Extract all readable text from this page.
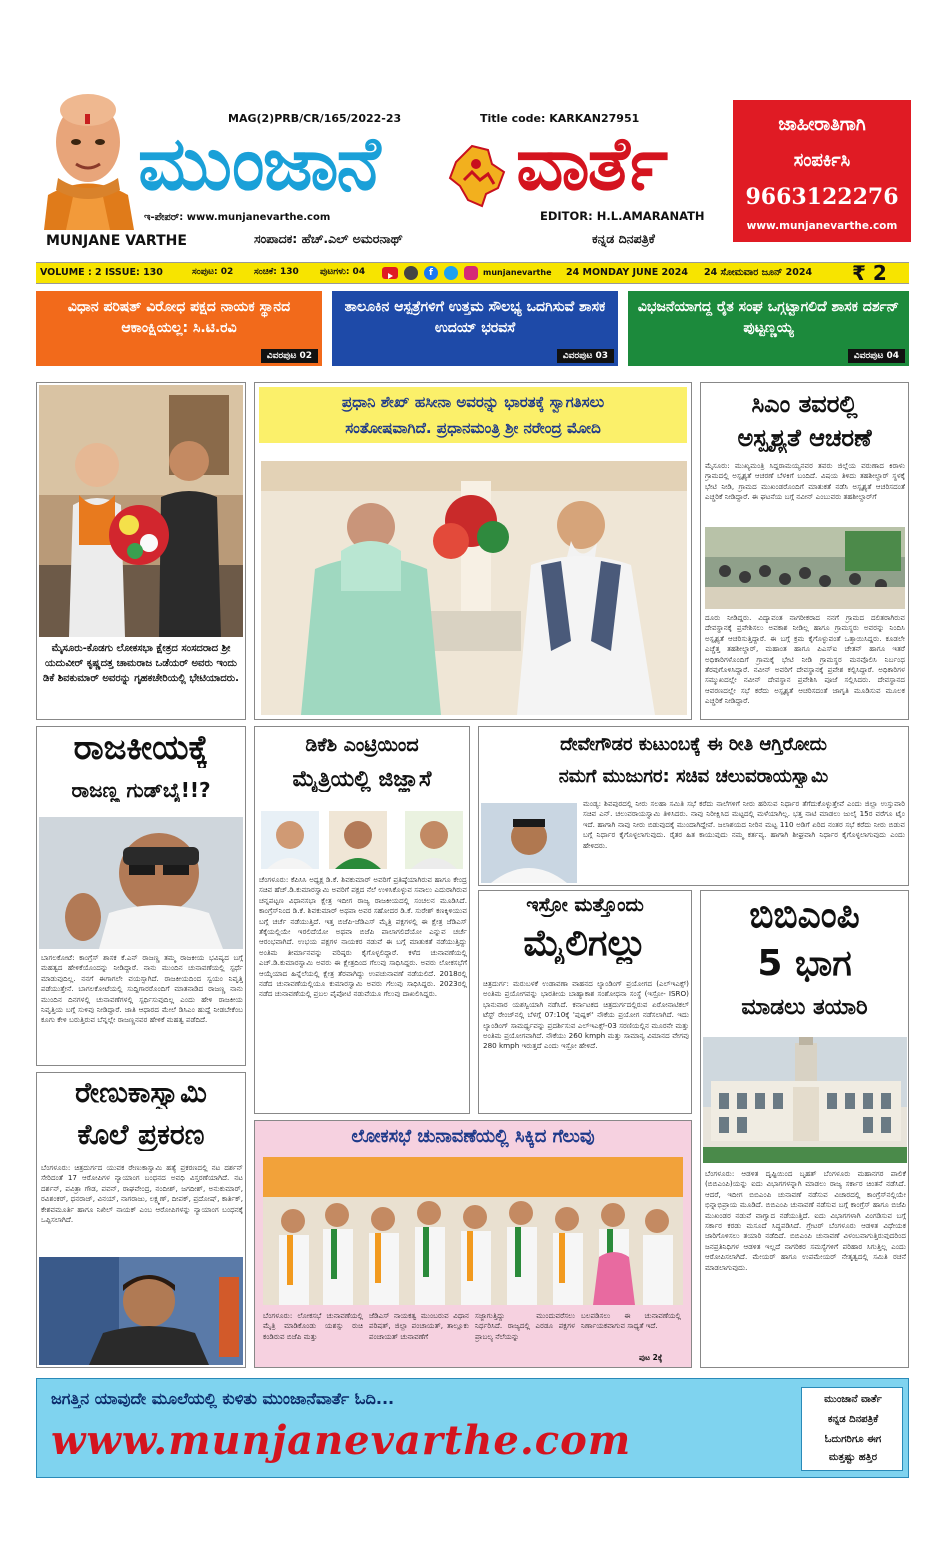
MAG(2)PRB/CR/165/2022-23	Title code: KARKAN27951
ಮುಂಜಾನೆ ವಾರ್ತೆ
ಇ-ಪೇಪರ್: www.munjanevarthe.com	EDITOR: H.L.AMARANATH
MUNJANE VARTHE	ಸಂಪಾದಕ: ಹೆಚ್.ಎಲ್ ಅಮರನಾಥ್	ಕನ್ನಡ ದಿನಪತ್ರಿಕೆ
ಜಾಹೀರಾತಿಗಾಗಿ
ಸಂಪರ್ಕಿಸಿ
9663122276
www.munjanevarthe.com
VOLUME : 2 ISSUE: 130	ಸಂಪುಟ: 02 ಸಂಚಿಕೆ: 130 ಪುಟಗಳು: 04	f	munjanevarthe 24 MONDAY JUNE 2024 24 ಸೋಮವಾರ ಜೂನ್ 2024 ₹ 2
ವಿಧಾನ ಪರಿಷತ್ ವಿರೋಧ ಪಕ್ಷದ ನಾಯಕ ಸ್ಥಾನದ ಆಕಾಂಕ್ಷಿಯಲ್ಲ: ಸಿ.ಟಿ.ರವಿ
ವಿವರಪುಟ 02
ತಾಲೂಕಿನ ಆಸ್ಪತ್ರೆಗಳಿಗೆ ಉತ್ತಮ ಸೌಲಭ್ಯ ಒದಗಿಸುವೆ ಶಾಸಕ ಉದಯ್ ಭರವಸೆ
ವಿವರಪುಟ 03
ವಿಭಜನೆಯಾಗದ್ದ ರೈತ ಸಂಘ ಒಗ್ಗಟ್ಟಾಗಲಿದೆ ಶಾಸಕ ದರ್ಶನ್ ಪುಟ್ಟಣ್ಣಯ್ಯ
ವಿವರಪುಟ 04
ಮೈಸೂರು-ಕೊಡಗು ಲೋಕಸಭಾ ಕ್ಷೇತ್ರದ ಸಂಸದರಾದ ಶ್ರೀ ಯದುವೀರ್ ಕೃಷ್ಣದತ್ತ ಚಾಮರಾಜ ಒಡೆಯರ್ ಅವರು ಇಂದು ಡಿಕೆ ಶಿವಕುಮಾರ್ ಅವರನ್ನು ಗೃಹಕಚೇರಿಯಲ್ಲಿ ಭೇಟಿಯಾದರು.
ಪ್ರಧಾನಿ ಶೇಖ್ ಹಸೀನಾ ಅವರನ್ನು ಭಾರತಕ್ಕೆ ಸ್ವಾಗತಿಸಲು
ಸಂತೋಷವಾಗಿದೆ. ಪ್ರಧಾನಮಂತ್ರಿ ಶ್ರೀ ನರೇಂದ್ರ ಮೋದಿ
ಸಿಎಂ ತವರಲ್ಲಿ
ಅಸ್ಪೃಶ್ಯತೆ ಆಚರಣೆ
ಮೈಸೂರು: ಮುಖ್ಯಮಂತ್ರಿ ಸಿದ್ದರಾಮಯ್ಯನವರ ತವರು ಜಿಲ್ಲೆಯ ವರುಣಾದ ಕಿರಾಳು ಗ್ರಾಮದಲ್ಲಿ ಅಸ್ಪೃಶ್ಯತೆ ಆಚರಣೆ ಬೆಳಕಿಗೆ ಬಂದಿದೆ. ವಿಷಯ ತಿಳಿದು ತಹಶೀಲ್ದಾರ್ ಸ್ಥಳಕ್ಕೆ ಭೇಟಿ ನೀಡಿ, ಗ್ರಾಮದ ಮುಖಂಡರೊಂದಿಗೆ ಮಾತುಕತೆ ನಡೆಸಿ ಅಸ್ಪೃಶ್ಯತೆ ಆಚರಿಸದಂತೆ ಎಚ್ಚರಿಕೆ ನೀಡಿದ್ದಾರೆ. ಈ ಘಟನೆಯ ಬಗ್ಗೆ ನವೀನ್ ಎಂಬುವರು ತಹಶೀಲ್ದಾರ್‌ಗೆ
ದೂರು ನೀಡಿದ್ದರು. ವಿದ್ಯಾವಂತ ನಾಗರೀಕರಾದ ನನಗೆ ಗ್ರಾಮದ ದಲಿತರಾಗಿರುವ ದೇವಸ್ಥಾನಕ್ಕೆ ಪ್ರವೇಶಿಸಲು ಅವಕಾಶ ನೀಡಿಲ್ಲ ಹಾಗೂ ಗ್ರಾಮಸ್ಥರು ಅವರನ್ನು ನಿಂದಿಸಿ ಅಸ್ಪೃಶ್ಯತೆ ಆಚರಿಸುತ್ತಿದ್ದಾರೆ. ಈ ಬಗ್ಗೆ ಕ್ರಮ ಕೈಗೊಳ್ಳುವಂತೆ ಒತ್ತಾಯಿಸಿದ್ದರು. ಕೂಡಲೇ ಎಚ್ಚೆತ್ತ ತಹಶೀಲ್ದಾರ್, ಮಹಾಂತ ಹಾಗೂ ಪಿಎಸ್ಐ ಚೇತನ್ ಹಾಗೂ ಇತರೆ ಅಧಿಕಾರಿಗಳೊಂದಿಗೆ ಗ್ರಾಮಕ್ಕೆ ಭೇಟಿ ನೀಡಿ ಗ್ರಾಮಸ್ಥರ ಮನವೊಲಿಸಿ ನಿರ್ಬಂಧ ತೆರವುಗೊಳಿಸಿದ್ದಾರೆ. ನವೀನ್ ಅವರಿಗೆ ದೇವಸ್ಥಾನಕ್ಕೆ ಪ್ರವೇಶ ಕಲ್ಪಿಸಿದ್ದಾರೆ. ಅಧಿಕಾರಿಗಳ ಸಮ್ಮುಖದಲ್ಲೇ ನವೀನ್ ದೇವಸ್ಥಾನ ಪ್ರವೇಶಿಸಿ ಪೂಜೆ ಸಲ್ಲಿಸಿದರು. ದೇವಸ್ಥಾನದ ಆವರಣದಲ್ಲೇ ಸಭೆ ಕರೆದು ಅಸ್ಪೃಶ್ಯತೆ ಆಚರಿಸದಂತೆ ಜಾಗೃತಿ ಮೂಡಿಸುವ ಮೂಲಕ ಎಚ್ಚರಿಕೆ ನೀಡಿದ್ದಾರೆ.
ರಾಜಕೀಯಕ್ಕೆ
ರಾಜಣ್ಣ ಗುಡ್‌ಬೈ!!?
ಬಾಗಲಕೋಟೆ: ಕಾಂಗ್ರೆಸ್ ಶಾಸಕ ಕೆ.ಎನ್ ರಾಜಣ್ಣ ತಮ್ಮ ರಾಜಕೀಯ ಭವಿಷ್ಯದ ಬಗ್ಗೆ ಮಹತ್ವದ ಹೇಳಿಕೆಯೊಂದನ್ನು ನೀಡಿದ್ದಾರೆ. ನಾನು ಮುಂದಿನ ಚುನಾವಣೆಯಲ್ಲಿ ಸ್ಪರ್ಧೆ ಮಾಡುವುದಿಲ್ಲ. ನನಗೆ ಈಗಾಗಲೇ ವಯಸ್ಸಾಗಿದೆ. ರಾಜಕೀಯದಿಂದ ಸ್ವಯಂ ನಿವೃತ್ತಿ ಪಡೆಯುತ್ತೇನೆ. ಬಾಗಲಕೋಟೆಯಲ್ಲಿ ಸುದ್ದಿಗಾರರೊಂದಿಗೆ ಮಾತನಾಡಿದ ರಾಜಣ್ಣ ನಾನು ಮುಂದಿನ ದಿನಗಳಲ್ಲಿ ಚುನಾವಣೆಗಳಲ್ಲಿ ಸ್ಪರ್ಧಿಸುವುದಿಲ್ಲ ಎಂದು ಹೇಳಿ ರಾಜಕೀಯ ನಿವೃತ್ತಿಯ ಬಗ್ಗೆ ಸುಳಿವು ನೀಡಿದ್ದಾರೆ. ಜಾತಿ ಆಧಾರದ ಮೇಲೆ ಡಿಸಿಎಂ ಹುದ್ದೆ ನೀಡಬೇಕೆಂಬ ಕೂಗು ಕೇಳಿ ಬರುತ್ತಿರುವ ಬೆನ್ನಲ್ಲೇ ರಾಜಣ್ಣನವರ ಹೇಳಿಕೆ ಮಹತ್ವ ಪಡೆದಿದೆ.
ಡಿಕೆಶಿ ಎಂಟ್ರಿಯಿಂದ
ಮೈತ್ರಿಯಲ್ಲಿ ಜಿಜ್ಞಾಸೆ
ಚೆಂಗಳೂರು: ಕೆಪಿಸಿಸಿ ಅಧ್ಯಕ್ಷ ಡಿ.ಕೆ. ಶಿವಕುಮಾರ್ ಅವರಿಗೆ ಪ್ರತಿಷ್ಠೆಯಾಗಿರುವ ಹಾಗೂ ಕೇಂದ್ರ ಸಚಿವ ಹೆಚ್.ಡಿ.ಕುಮಾರಸ್ವಾಮಿ ಅವರಿಗೆ ಪಕ್ಷದ ನೆಲೆ ಉಳಿಸಿಕೊಳ್ಳುವ ಸವಾಲು ಎದುರಾಗಿರುವ ಚನ್ನಪಟ್ಟಣ ವಿಧಾನಸಭಾ ಕ್ಷೇತ್ರ ಇದೀಗ ರಾಜ್ಯ ರಾಜಕೀಯದಲ್ಲಿ ಸಂಚಲನ ಮೂಡಿಸಿದೆ. ಕಾಂಗ್ರೆಸ್‌ನಿಂದ ಡಿ.ಕೆ. ಶಿವಕುಮಾರ್ ಅಥವಾ ಅವರ ಸಹೋದರ ಡಿ.ಕೆ. ಸುರೇಶ್ ಕಣಕ್ಕಿಳಿಯುವ ಬಗ್ಗೆ ಚರ್ಚೆ ನಡೆಯುತ್ತಿದೆ. ಇತ್ತ ಬಿಜೆಪಿ-ಜೆಡಿಎಸ್ ಮೈತ್ರಿ ಪಕ್ಷಗಳಲ್ಲಿ ಈ ಕ್ಷೇತ್ರ ಜೆಡಿಎಸ್ ತೆಕ್ಕೆಯಲ್ಲಿಯೇ ಇರಲಿದೆಯೋ ಅಥವಾ ಬಿಜೆಪಿ ಪಾಲಾಗಲಿದೆಯೋ ಎನ್ನುವ ಚರ್ಚೆ ಆರಂಭವಾಗಿದೆ. ಉಭಯ ಪಕ್ಷಗಳ ನಾಯಕರ ನಡುವೆ ಈ ಬಗ್ಗೆ ಮಾತುಕತೆ ನಡೆಯುತ್ತಿದ್ದು ಅಂತಿಮ ತೀರ್ಮಾನವನ್ನು ವರಿಷ್ಠರು ಕೈಗೊಳ್ಳಲಿದ್ದಾರೆ. ಕಳೆದ ಚುನಾವಣೆಯಲ್ಲಿ ಎಚ್.ಡಿ.ಕುಮಾರಸ್ವಾಮಿ ಅವರು ಈ ಕ್ಷೇತ್ರದಿಂದ ಗೆಲುವು ಸಾಧಿಸಿದ್ದರು. ಅವರು ಲೋಕಸಭೆಗೆ ಆಯ್ಕೆಯಾದ ಹಿನ್ನೆಲೆಯಲ್ಲಿ ಕ್ಷೇತ್ರ ತೆರವಾಗಿದ್ದು ಉಪಚುನಾವಣೆ ನಡೆಯಲಿದೆ. 2018ರಲ್ಲಿ ನಡೆದ ಚುನಾವಣೆಯಲ್ಲಿಯೂ ಕುಮಾರಸ್ವಾಮಿ ಅವರು ಗೆಲುವು ಸಾಧಿಸಿದ್ದರು. 2023ರಲ್ಲಿ ನಡೆದ ಚುನಾವಣೆಯಲ್ಲಿ ಪ್ರಬಲ ಪೈಪೋಟಿ ನಡುವೆಯೂ ಗೆಲುವು ದಾಖಲಿಸಿದ್ದರು.
ದೇವೇಗೌಡರ ಕುಟುಂಬಕ್ಕೆ ಈ ರೀತಿ ಆಗ್ತಿರೋದು
ನಮಗೆ ಮುಜುಗರ: ಸಚಿವ ಚಲುವರಾಯಸ್ವಾಮಿ
ಮಂಡ್ಯ: ಶಿವಪುರದಲ್ಲಿ ನೀರು ಸಲಹಾ ಸಮಿತಿ ಸಭೆ ಕರೆದು ನಾಲೆಗಳಿಗೆ ನೀರು ಹರಿಸುವ ನಿರ್ಧಾರ ತೆಗೆದುಕೊಳ್ಳುತ್ತೇವೆ ಎಂದು ಜಿಲ್ಲಾ ಉಸ್ತುವಾರಿ ಸಚಿವ ಎನ್. ಚಲುವರಾಯಸ್ವಾಮಿ ತಿಳಿಸಿದರು. ನಾವು ನಿರೀಕ್ಷಿಸಿದ ಮಟ್ಟದಲ್ಲಿ ಮಳೆಯಾಗಿಲ್ಲ. ಭತ್ತ ನಾಟಿ ಮಾಡಲು ಜುಲೈ 15ರ ವರೆಗೂ ಟೈಂ ಇದೆ. ಹಾಗಾಗಿ ನಾವು ನೀರು ಬಿಡುವುದಕ್ಕೆ ಮುಂದಾಗಿದ್ದೇವೆ. ಜಲಾಶಯದ ನೀರಿನ ಮಟ್ಟ 110 ಅಡಿಗೆ ಏರಿದ ನಂತರ ಸಭೆ ಕರೆದು ನೀರು ಬಿಡುವ ಬಗ್ಗೆ ನಿರ್ಧಾರ ಕೈಗೊಳ್ಳಲಾಗುವುದು. ರೈತರ ಹಿತ ಕಾಯುವುದು ನಮ್ಮ ಕರ್ತವ್ಯ. ಹಾಗಾಗಿ ಶೀಘ್ರವಾಗಿ ನಿರ್ಧಾರ ಕೈಗೊಳ್ಳಲಾಗುವುದು ಎಂದು ಹೇಳಿದರು.
ಇಸ್ರೋ ಮತ್ತೊಂದು
ಮೈಲಿಗಲ್ಲು
ಚಿತ್ರದುರ್ಗ: ಮರುಬಳಕೆ ಉಡಾವಣಾ ವಾಹನದ ಲ್ಯಾಂಡಿಂಗ್ ಪ್ರಯೋಗದ (ಎಲ್‌ಇಎಕ್ಸ್) ಅಂತಿಮ ಪ್ರಯೋಗವನ್ನು ಭಾರತೀಯ ಬಾಹ್ಯಾಕಾಶ ಸಂಶೋಧನಾ ಸಂಸ್ಥೆ (ಇಸ್ರೋ- ISRO) ಭಾನುವಾರ ಯಶಸ್ವಿಯಾಗಿ ನಡೆಸಿದೆ. ಕರ್ನಾಟಕದ ಚಿತ್ರದುರ್ಗದಲ್ಲಿರುವ ಏರೋನಾಟಿಕಲ್ ಟೆಸ್ಟ್ ರೇಂಜ್‌ನಲ್ಲಿ ಬೆಳಗ್ಗೆ 07:10ಕ್ಕೆ 'ಪುಷ್ಪಕ್' ನೌಕೆಯ ಪ್ರಯೋಗ ನಡೆಸಲಾಗಿದೆ. ಇದು ಲ್ಯಾಂಡಿಂಗ್ ಸಾಮರ್ಥ್ಯವನ್ನು ಪ್ರದರ್ಶಿಸುವ ಎಲ್‌ಇಎಕ್ಸ್-03 ಸರಣಿಯಲ್ಲಿನ ಮೂರನೇ ಮತ್ತು ಅಂತಿಮ ಪ್ರಯೋಗವಾಗಿದೆ. ನೌಕೆಯು 260 kmph ಮತ್ತು ಸಾಮಾನ್ಯ ವಿಮಾನದ ವೇಗವು 280 kmph ಇರುತ್ತದೆ ಎಂದು ಇಸ್ರೋ ಹೇಳಿದೆ.
ಬಿಬಿಎಂಪಿ
5 ಭಾಗ
ಮಾಡಲು ತಯಾರಿ
ಬೆಂಗಳೂರು: ಆಡಳಿತ ದೃಷ್ಟಿಯಿಂದ ಬೃಹತ್ ಬೆಂಗಳೂರು ಮಹಾನಗರ ಪಾಲಿಕೆ (ಬಿಬಿಎಂಪಿ)ಯನ್ನು ಐದು ವಿಭಾಗಗಳನ್ನಾಗಿ ಮಾಡಲು ರಾಜ್ಯ ಸರ್ಕಾರ ಚಿಂತನೆ ನಡೆಸಿದೆ. ಆದರೆ, ಇದೀಗ ಬಿಬಿಎಂಪಿ ಚುನಾವಣೆ ನಡೆಸುವ ವಿಚಾರದಲ್ಲಿ ಕಾಂಗ್ರೆಸ್‌ನಲ್ಲಿಯೇ ಭಿನ್ನಾಭಿಪ್ರಾಯ ಮೂಡಿದೆ. ಬಿಬಿಎಂಪಿ ಚುನಾವಣೆ ನಡೆಸುವ ಬಗ್ಗೆ ಕಾಂಗ್ರೆಸ್ ಹಾಗೂ ಬಿಜೆಪಿ ಮುಖಂಡರ ನಡುವೆ ವಾಗ್ವಾದ ನಡೆಯುತ್ತಿದೆ. ಐದು ವಿಭಾಗಗಳಾಗಿ ವಿಂಗಡಿಸುವ ಬಗ್ಗೆ ಸರ್ಕಾರ ಕರಡು ಮಸೂದೆ ಸಿದ್ಧಪಡಿಸಿದೆ. ಗ್ರೇಟರ್ ಬೆಂಗಳೂರು ಆಡಳಿತ ವಿಧೇಯಕ ಜಾರಿಗೊಳಿಸಲು ತಯಾರಿ ನಡೆದಿದೆ. ಬಿಬಿಎಂಪಿ ಚುನಾವಣೆ ವಿಳಂಬವಾಗುತ್ತಿರುವುದರಿಂದ ಜನಪ್ರತಿನಿಧಿಗಳ ಆಡಳಿತ ಇಲ್ಲದೆ ನಾಗರಿಕರ ಸಮಸ್ಯೆಗಳಿಗೆ ಪರಿಹಾರ ಸಿಗುತ್ತಿಲ್ಲ ಎಂದು ಆರೋಪಿಸಲಾಗಿದೆ. ಮೇಯರ್ ಹಾಗೂ ಉಪಮೇಯರ್ ನೇತೃತ್ವದಲ್ಲಿ ಸಮಿತಿ ರಚನೆ ಮಾಡಲಾಗುವುದು.
ರೇಣುಕಾಸ್ವಾಮಿ
ಕೊಲೆ ಪ್ರಕರಣ
ಬೆಂಗಳೂರು: ಚಿತ್ರದುರ್ಗದ ಯುವಕ ರೇಣುಕಾಸ್ವಾಮಿ ಹತ್ಯೆ ಪ್ರಕರಣದಲ್ಲಿ ನಟ ದರ್ಶನ್ ಸೇರಿದಂತೆ 17 ಆರೋಪಿಗಳ ನ್ಯಾಯಾಂಗ ಬಂಧನದ ಅವಧಿ ವಿಸ್ತರಣೆಯಾಗಿದೆ. ನಟ ದರ್ಶನ್, ಪವಿತ್ರಾ ಗೌಡ, ಪವನ್, ರಾಘವೇಂದ್ರ, ನಂದೀಶ್, ಜಗದೀಶ್, ಅನುಕುಮಾರ್, ರವಿಶಂಕರ್, ಧನರಾಜ್, ವಿನಯ್, ನಾಗರಾಜು, ಲಕ್ಷ್ಮಣ್, ದೀಪಕ್, ಪ್ರದೋಷ್, ಕಾರ್ತಿಕ್, ಕೇಶವಮೂರ್ತಿ ಹಾಗೂ ನಿಖಿಲ್ ನಾಯಕ್ ಎಂಬ ಆರೋಪಿಗಳನ್ನು ನ್ಯಾಯಾಂಗ ಬಂಧನಕ್ಕೆ ಒಪ್ಪಿಸಲಾಗಿದೆ.
ಲೋಕಸಭೆ ಚುನಾವಣೆಯಲ್ಲಿ ಸಿಕ್ಕಿದ ಗೆಲುವು
ಬೆಂಗಳೂರು: ಲೋಕಸಭೆ ಚುನಾವಣೆಯಲ್ಲಿ ಮೈತ್ರಿ ಮಾಡಿಕೊಂಡು ಯಶಸ್ಸು ರುಚಿ ಕಂಡಿರುವ ಬಿಜೆಪಿ ಮತ್ತು
ಜೆಡಿಎಸ್ ನಾಯಕತ್ವ ಮುಂಬರುವ ವಿಧಾನ ಪರಿಷತ್, ಜಿಲ್ಲಾ ಪಂಚಾಯತ್, ತಾಲ್ಲೂಕು ಪಂಚಾಯತ್ ಚುನಾವಣೆಗೆ
ಸಜ್ಜಾಗುತ್ತಿದ್ದು ಮುಂದುವರೆಸಲು ನಿರ್ಧರಿಸಿದೆ. ರಾಜ್ಯದಲ್ಲಿ ಎರಡೂ ಪಕ್ಷಗಳ ಪ್ರಾಬಲ್ಯ ನೆಲೆಯನ್ನು
ಬಲಪಡಿಸಲು ಈ ಚುನಾವಣೆಯಲ್ಲಿ ನಿರ್ಣಾಯಕವಾಗುವ ಸಾಧ್ಯತೆ ಇದೆ.
ಪುಟ 2ಕ್ಕೆ
ಜಗತ್ತಿನ ಯಾವುದೇ ಮೂಲೆಯಲ್ಲಿ ಕುಳಿತು ಮುಂಜಾನೆವಾರ್ತೆ ಓದಿ...
www.munjanevarthe.com
ಮುಂಜಾನೆ ವಾರ್ತೆ
ಕನ್ನಡ ದಿನಪತ್ರಿಕೆ
ಓದುಗರಿಗೂ ಈಗ
ಮತ್ತಷ್ಟು ಹತ್ತಿರ
